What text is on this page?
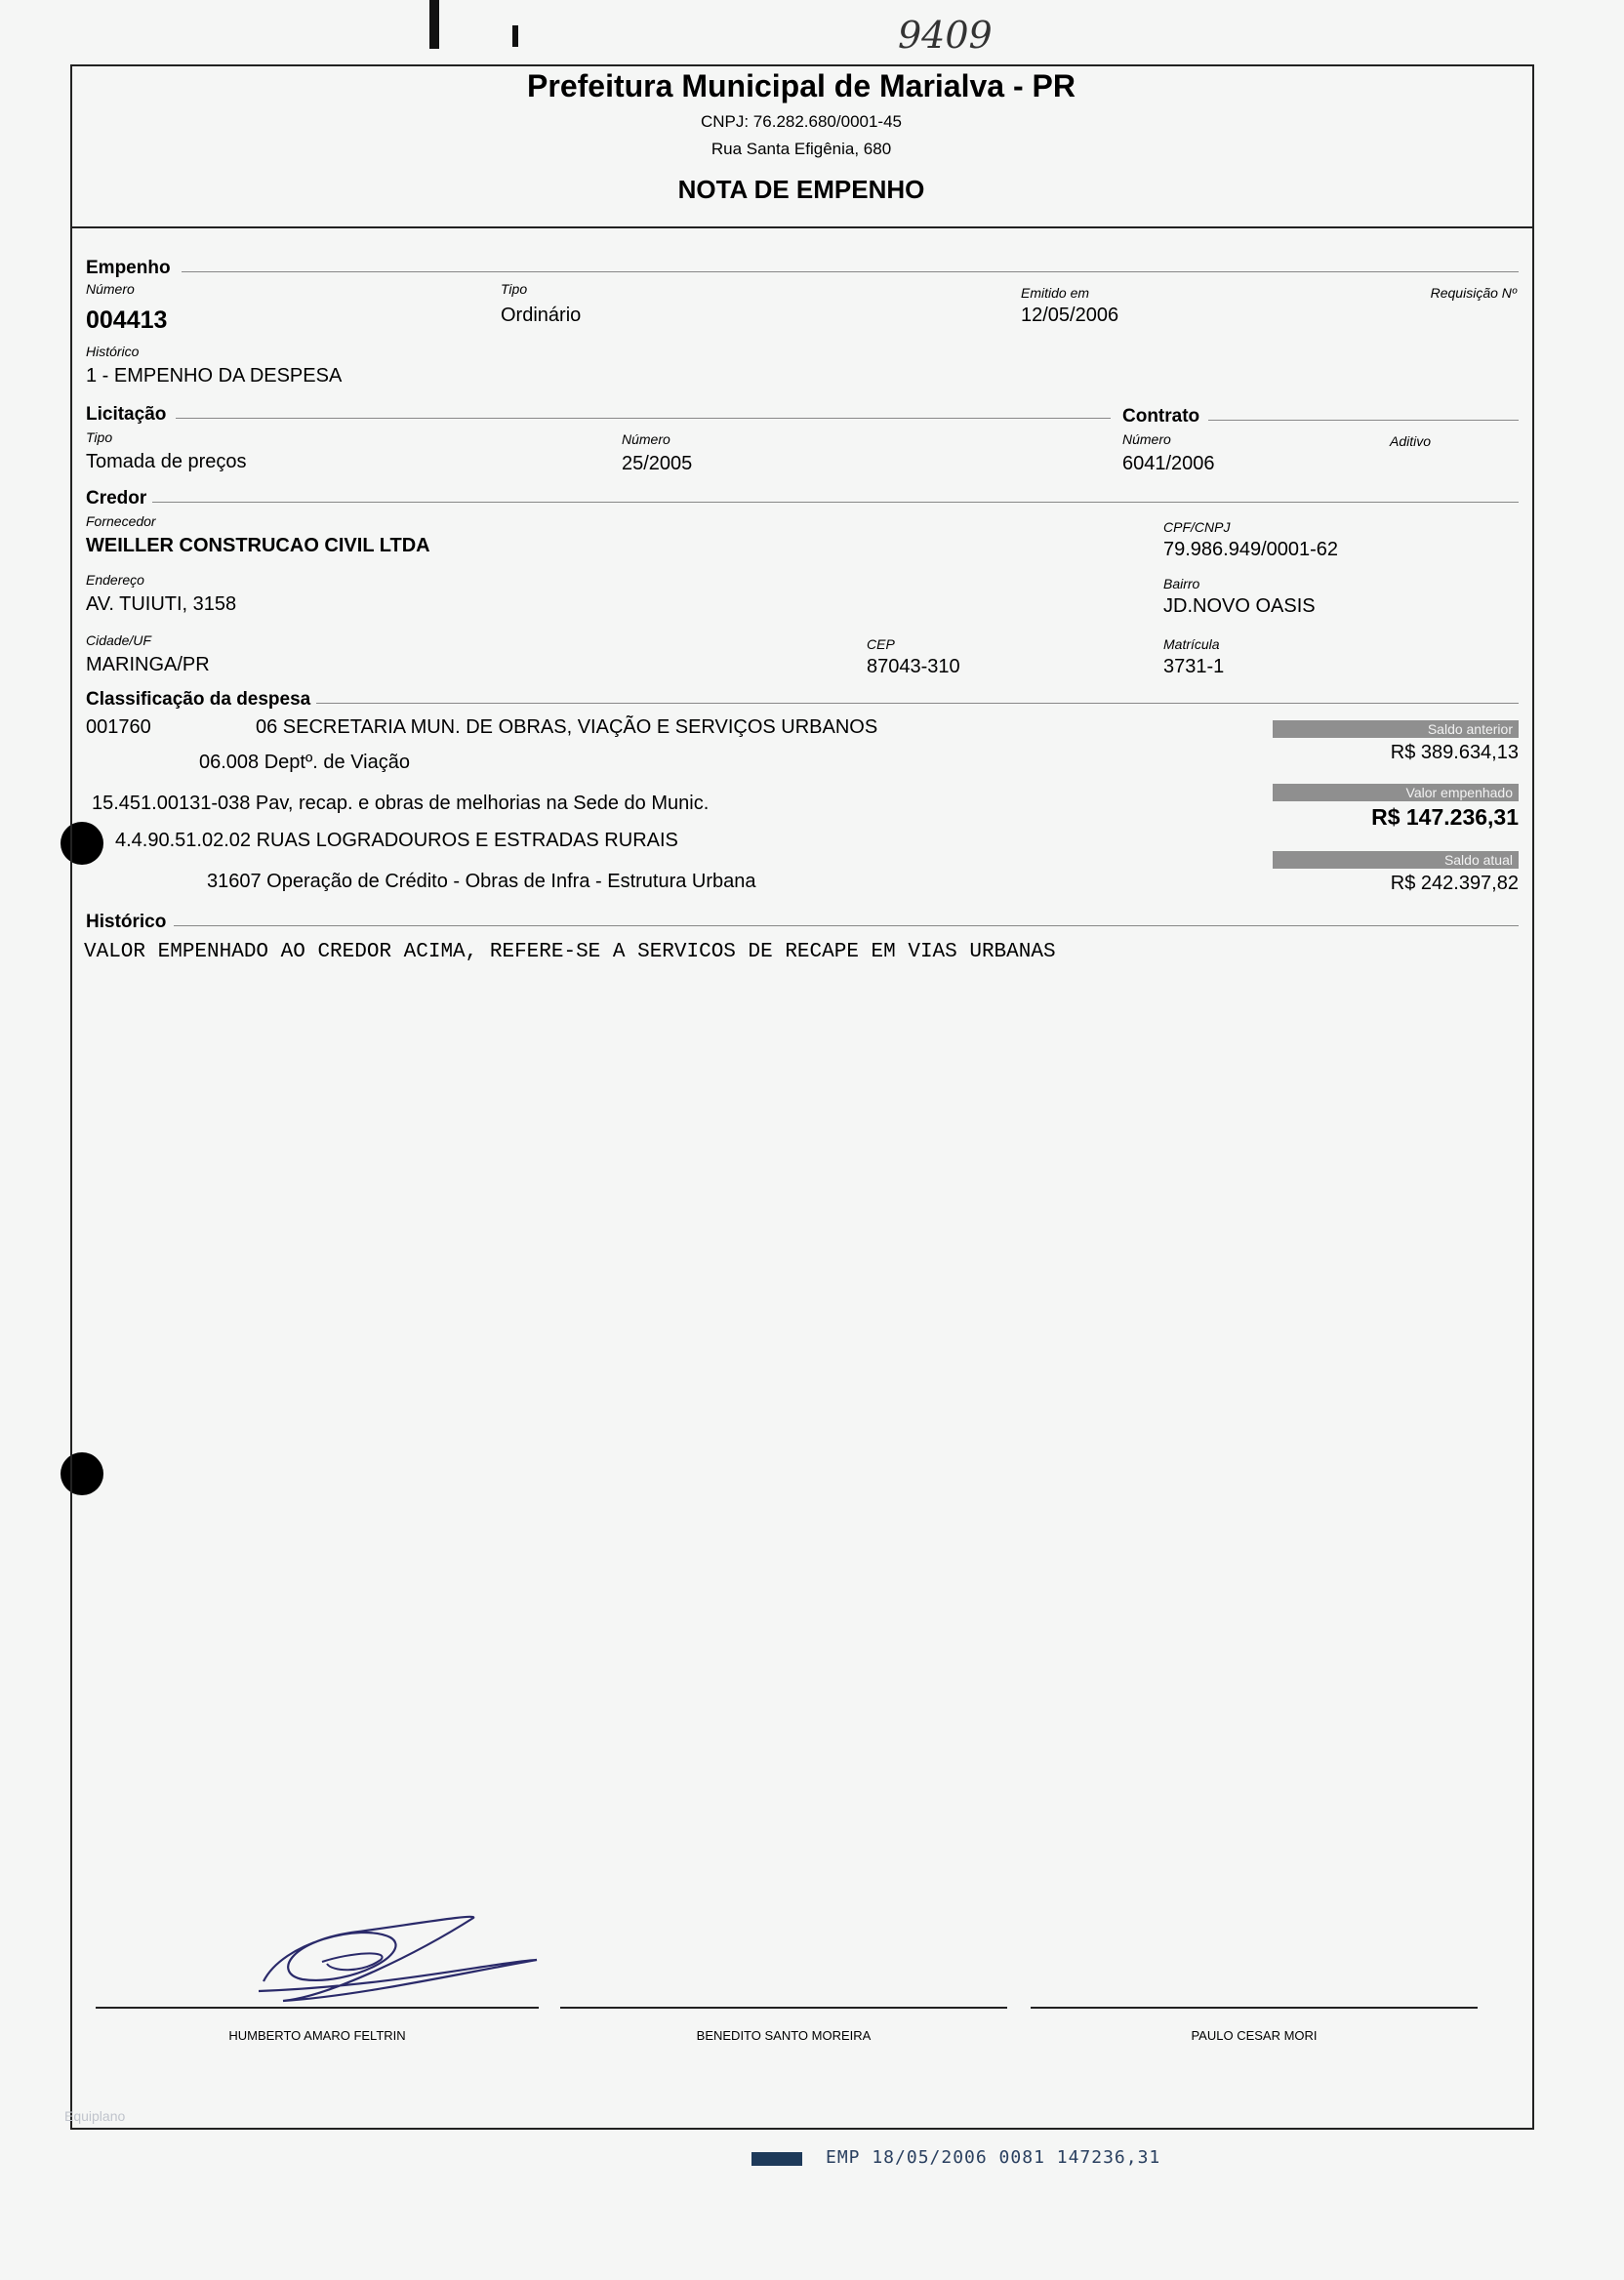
9409
Prefeitura Municipal de Marialva - PR
CNPJ: 76.282.680/0001-45
Rua Santa Efigênia, 680
NOTA DE EMPENHO
Empenho
Número
004413
Tipo
Ordinário
Emitido em
12/05/2006
Requisição Nº
Histórico
1 - EMPENHO DA DESPESA
Licitação	Contrato
Tipo
Tomada de preços
Número
25/2005
Número
6041/2006
Aditivo
Credor
Fornecedor
WEILLER CONSTRUCAO CIVIL LTDA
CPF/CNPJ
79.986.949/0001-62
Endereço
AV. TUIUTI, 3158
Bairro
JD.NOVO OASIS
Cidade/UF
MARINGA/PR
CEP
87043-310
Matrícula
3731-1
Classificação da despesa
001760	06 SECRETARIA MUN. DE OBRAS, VIAÇÃO E SERVIÇOS URBANOS
06.008 Deptº. de Viação
15.451.00131-038 Pav, recap. e obras de melhorias na Sede do Munic.
4.4.90.51.02.02 RUAS LOGRADOUROS E ESTRADAS RURAIS
31607 Operação de Crédito - Obras de Infra - Estrutura Urbana
Saldo anterior
R$ 389.634,13
Valor empenhado
R$ 147.236,31
Saldo atual
R$ 242.397,82
Histórico
VALOR EMPENHADO AO CREDOR ACIMA, REFERE-SE A SERVICOS DE RECAPE EM VIAS URBANAS
HUMBERTO AMARO FELTRIN	BENEDITO SANTO MOREIRA	PAULO CESAR MORI
Equiplano
EMP 18/05/2006 0081 147236,31
